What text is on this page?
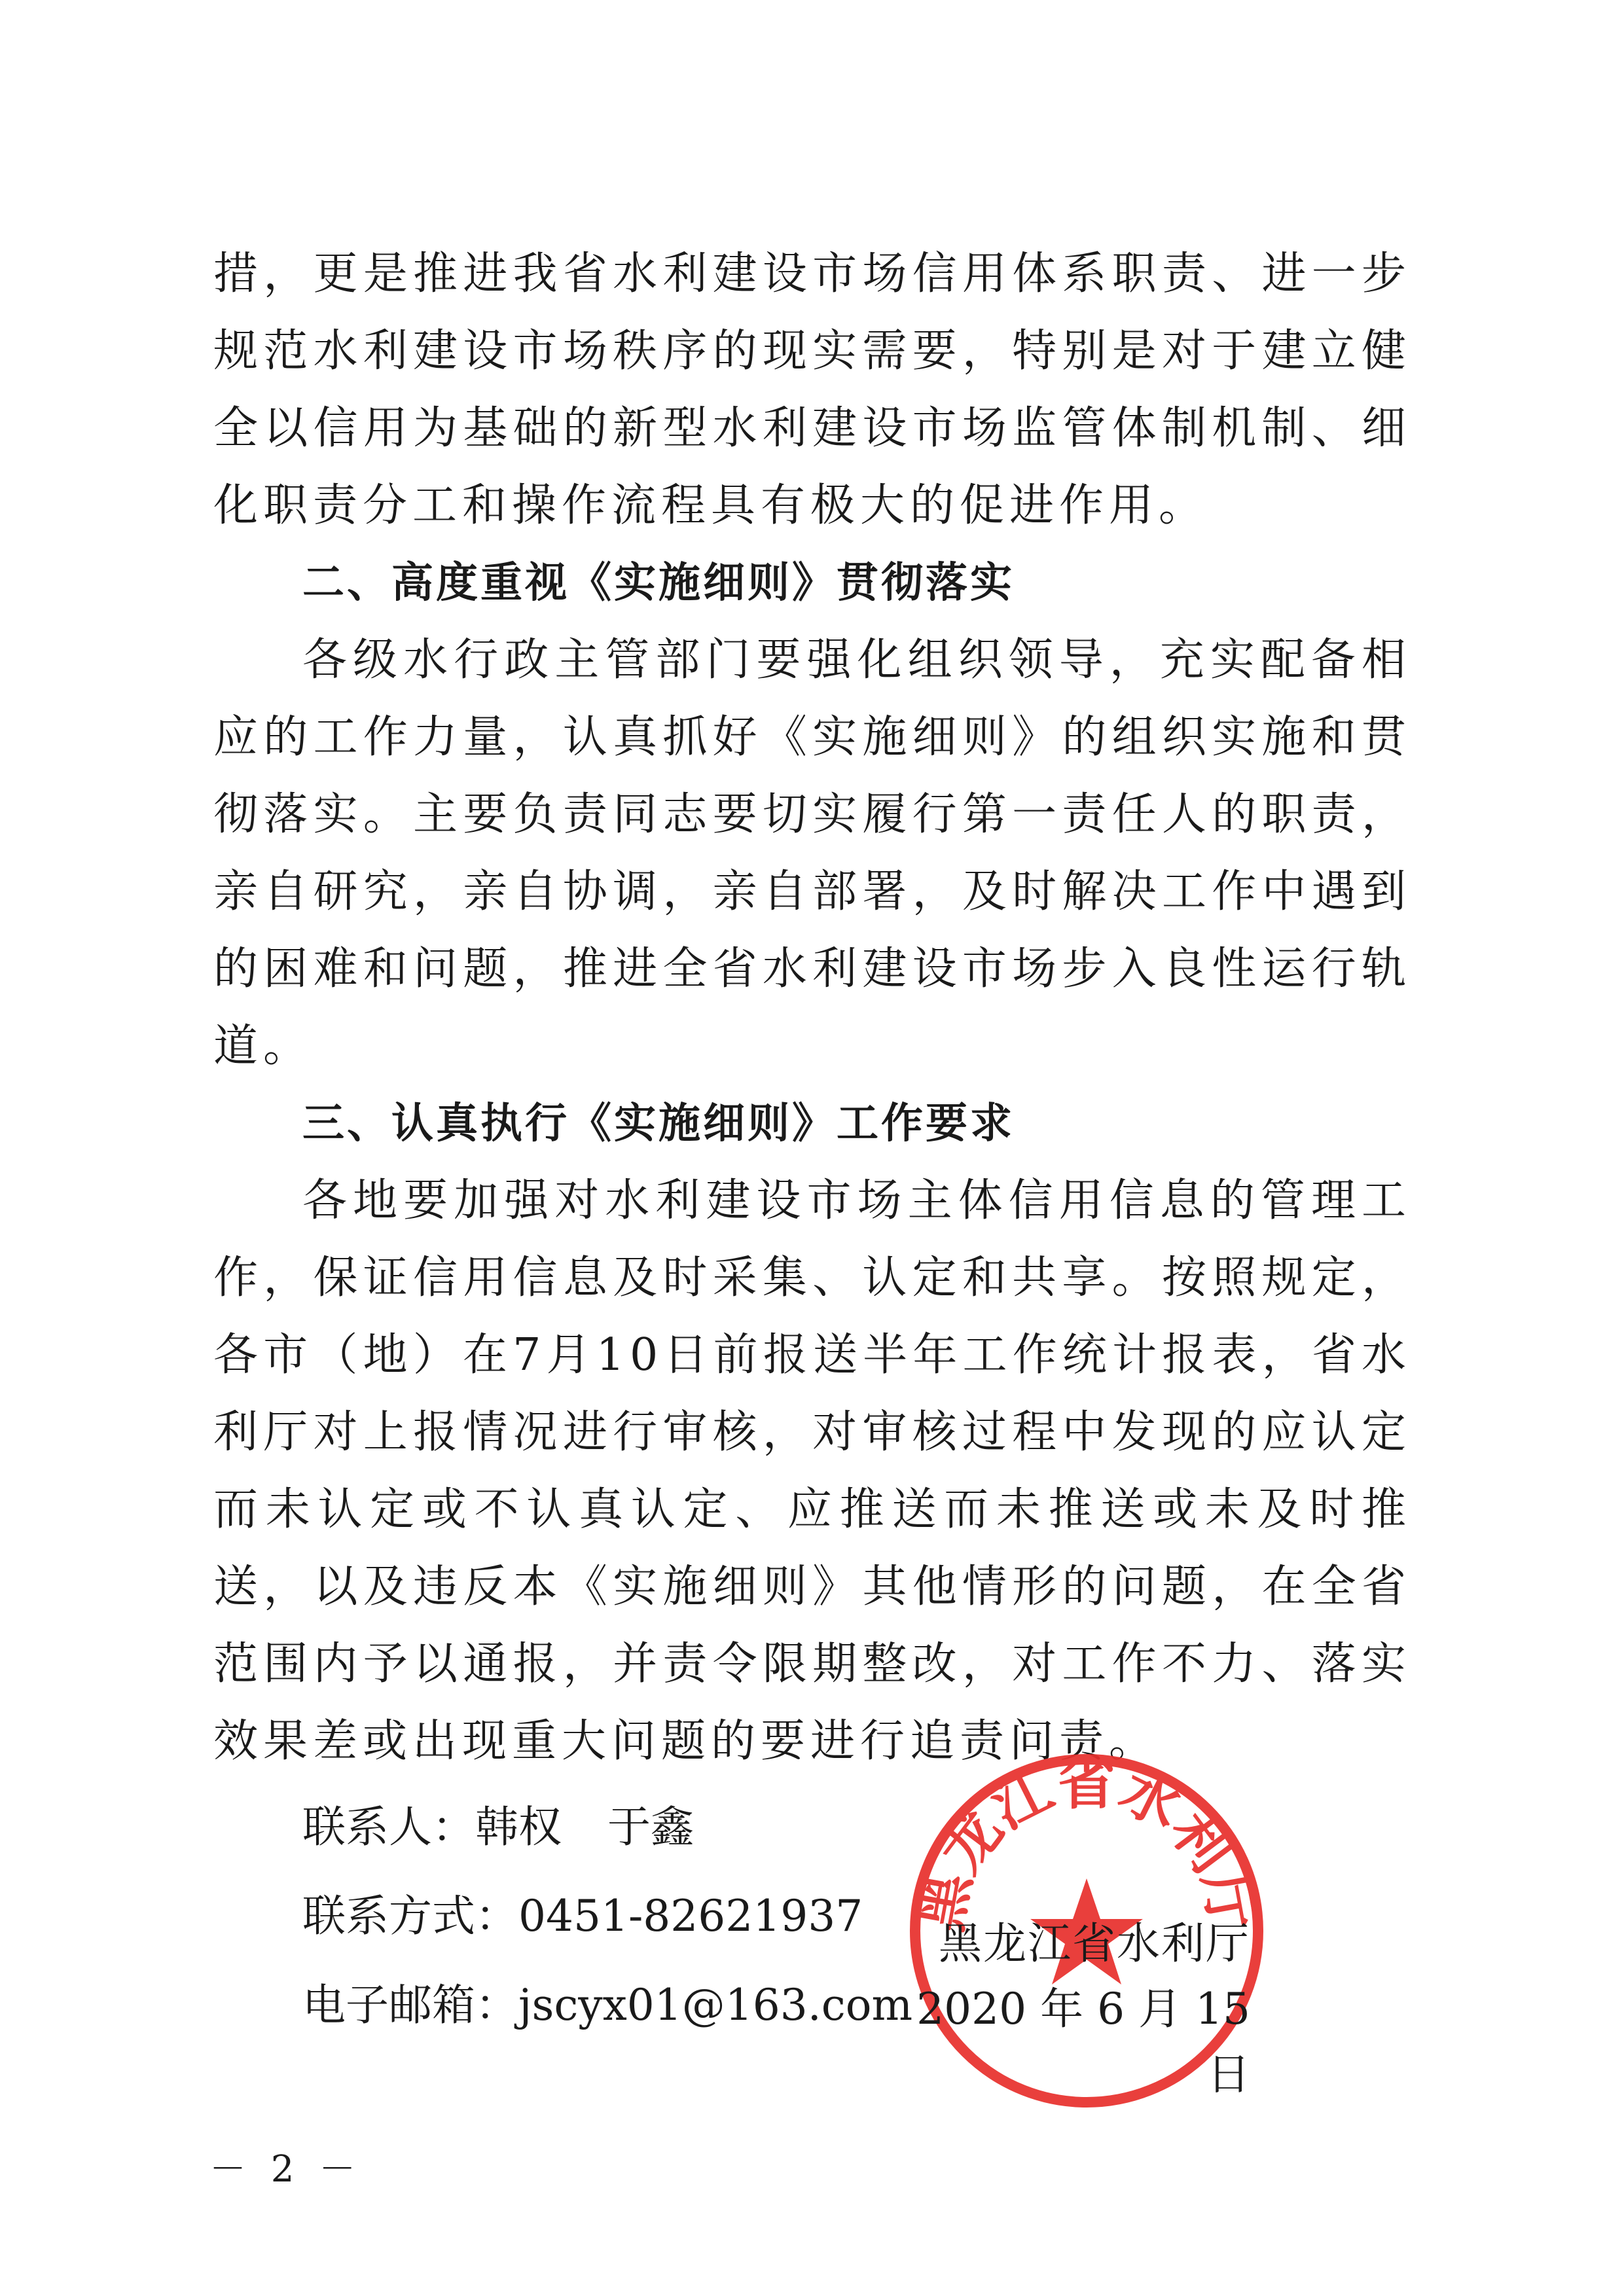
措，更是推进我省水利建设市场信用体系职责、进一步规范水利建设市场秩序的现实需要，特别是对于建立健全以信用为基础的新型水利建设市场监管体制机制、细化职责分工和操作流程具有极大的促进作用。

二、高度重视《实施细则》贯彻落实

各级水行政主管部门要强化组织领导，充实配备相应的工作力量，认真抓好《实施细则》的组织实施和贯彻落实。主要负责同志要切实履行第一责任人的职责，亲自研究，亲自协调，亲自部署，及时解决工作中遇到的困难和问题，推进全省水利建设市场步入良性运行轨道。

三、认真执行《实施细则》工作要求

各地要加强对水利建设市场主体信用信息的管理工作，保证信用信息及时采集、认定和共享。按照规定，各市（地）在7月10日前报送半年工作统计报表，省水利厅对上报情况进行审核，对审核过程中发现的应认定而未认定或不认真认定、应推送而未推送或未及时推送，以及违反本《实施细则》其他情形的问题，在全省范围内予以通报，并责令限期整改，对工作不力、落实效果差或出现重大问题的要进行追责问责。

联系人：韩权 于鑫

联系方式：0451-82621937

电子邮箱：jscyx01@163.com

黑龙江省水利厅
黑龙江省水利厅
2020 年 6 月 15 日
－ 2 －
